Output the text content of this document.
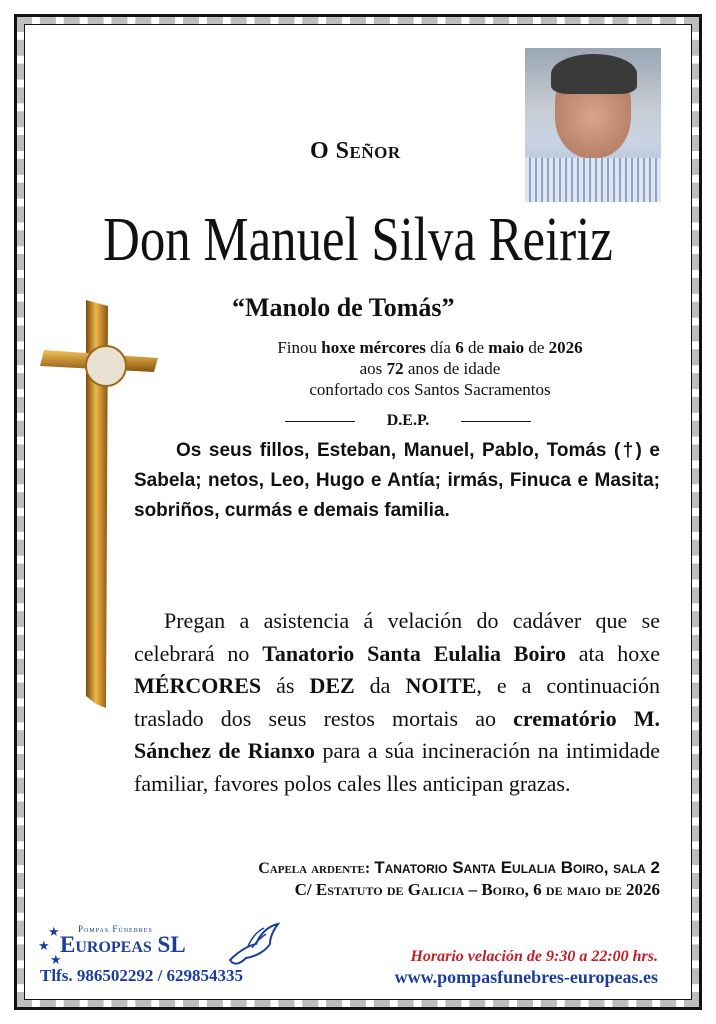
O Señor
Don Manuel Silva Reiriz
“Manolo de Tomás”
Finou hoxe mércores día 6 de maio de 2026
aos 72 anos de idade
confortado cos Santos Sacramentos
D.E.P.
Os seus fillos, Esteban, Manuel, Pablo, Tomás (†) e Sabela; netos, Leo, Hugo e Antía; irmás, Finuca e Masita; sobriños, curmás e demais familia.
Pregan a asistencia á velación do cadáver que se celebrará no Tanatorio Santa Eulalia Boiro ata hoxe MÉRCORES ás DEZ da NOITE, e a continuación traslado dos seus restos mortais ao crematório M. Sánchez de Rianxo para a súa incineración na intimidade familiar, favores polos cales lles anticipan grazas.
Capela ardente: Tanatorio Santa Eulalia Boiro, sala 2
C/ Estatuto de Galicia – Boiro, 6 de maio de 2026
★
★
★
Pompas Fúnebres
Europeas SL
Tlfs. 986502292 / 629854335
Horario velación de 9:30 a 22:00 hrs.
www.pompasfunebres-europeas.es
